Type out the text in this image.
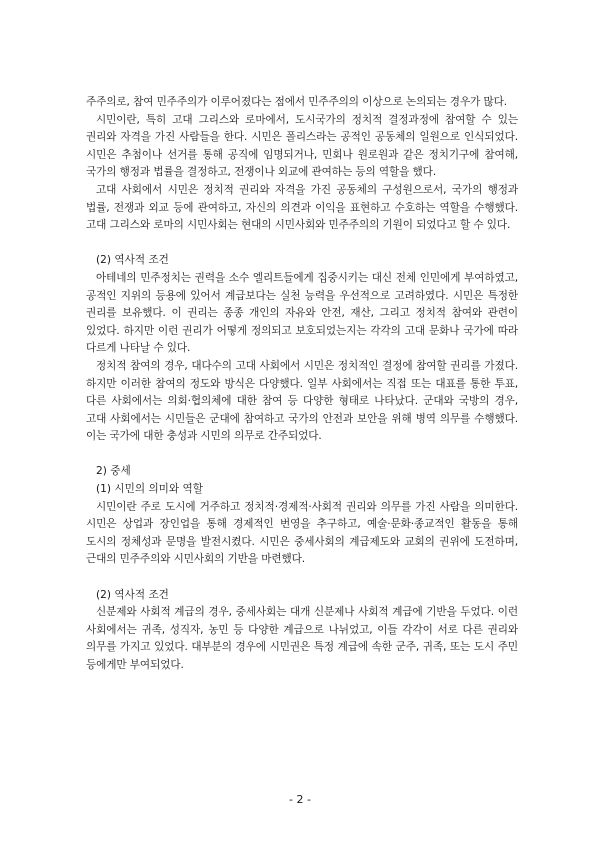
주주의로, 참여 민주주의가 이루어졌다는 점에서 민주주의의 이상으로 논의되는 경우가 많다.

시민이란, 특히 고대 그리스와 로마에서, 도시국가의 정치적 결정과정에 참여할 수 있는 권리와 자격을 가진 사람들을 한다. 시민은 폴리스라는 공적인 공동체의 일원으로 인식되었다. 시민은 추첨이나 선거를 통해 공직에 임명되거나, 민회나 원로원과 같은 정치기구에 참여해, 국가의 행정과 법률을 결정하고, 전쟁이나 외교에 관여하는 등의 역할을 했다.

고대 사회에서 시민은 정치적 권리와 자격을 가진 공동체의 구성원으로서, 국가의 행정과 법률, 전쟁과 외교 등에 관여하고, 자신의 의견과 이익을 표현하고 수호하는 역할을 수행했다. 고대 그리스와 로마의 시민사회는 현대의 시민사회와 민주주의의 기원이 되었다고 할 수 있다.

(2) 역사적 조건

아테네의 민주정치는 권력을 소수 엘리트들에게 집중시키는 대신 전체 인민에게 부여하였고, 공적인 지위의 등용에 있어서 계급보다는 실천 능력을 우선적으로 고려하였다. 시민은 특정한 권리를 보유했다. 이 권리는 종종 개인의 자유와 안전, 재산, 그리고 정치적 참여와 관련이 있었다. 하지만 이런 권리가 어떻게 정의되고 보호되었는지는 각각의 고대 문화나 국가에 따라 다르게 나타날 수 있다.

정치적 참여의 경우, 대다수의 고대 사회에서 시민은 정치적인 결정에 참여할 권리를 가졌다. 하지만 이러한 참여의 정도와 방식은 다양했다. 일부 사회에서는 직접 또는 대표를 통한 투표, 다른 사회에서는 의회·협의체에 대한 참여 등 다양한 형태로 나타났다. 군대와 국방의 경우, 고대 사회에서는 시민들은 군대에 참여하고 국가의 안전과 보안을 위해 병역 의무를 수행했다. 이는 국가에 대한 충성과 시민의 의무로 간주되었다.

2) 중세

(1) 시민의 의미와 역할

시민이란 주로 도시에 거주하고 정치적·경제적·사회적 권리와 의무를 가진 사람을 의미한다. 시민은 상업과 장인업을 통해 경제적인 번영을 추구하고, 예술·문화·종교적인 활동을 통해 도시의 정체성과 문명을 발전시켰다. 시민은 중세사회의 계급제도와 교회의 권위에 도전하며, 근대의 민주주의와 시민사회의 기반을 마련했다.

(2) 역사적 조건

신분제와 사회적 계급의 경우, 중세사회는 대개 신분제나 사회적 계급에 기반을 두었다. 이런 사회에서는 귀족, 성직자, 농민 등 다양한 계급으로 나뉘었고, 이들 각각이 서로 다른 권리와 의무를 가지고 있었다. 대부분의 경우에 시민권은 특정 계급에 속한 군주, 귀족, 또는 도시 주민 등에게만 부여되었다.

- 2 -
